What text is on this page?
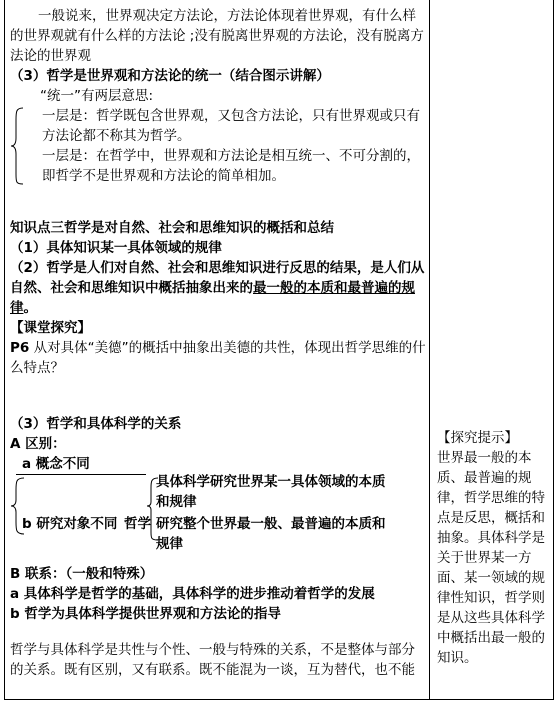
一般说来，世界观决定方法论，方法论体现着世界观，有什么样的世界观就有什么样的方法论 ;没有脱离世界观的方法论，没有脱离方法论的世界观

（3）哲学是世界观和方法论的统一（结合图示讲解）

“统一”有两层意思:

一层是：哲学既包含世界观，又包含方法论，只有世界观或只有方法论都不称其为哲学。

一层是：在哲学中，世界观和方法论是相互统一、不可分割的，即哲学不是世界观和方法论的简单相加。

知识点三哲学是对自然、社会和思维知识的概括和总结

（1）具体知识某一具体领域的规律

（2）哲学是人们对自然、社会和思维知识进行反思的结果，是人们从自然、社会和思维知识中概括抽象出来的最一般的本质和最普遍的规律。

【课堂探究】

P6 从对具体“美德”的概括中抽象出美德的共性，体现出哲学思维的什么特点？

（3）哲学和具体科学的关系

A 区别：

a 概念不同

具体科学研究世界某一具体领域的本质
和规律
b 研究对象不同 哲学 研究整个世界最一般、最普遍的本质和
规律

B 联系：（一般和特殊）

a 具体科学是哲学的基础，具体科学的进步推动着哲学的发展

b 哲学为具体科学提供世界观和方法论的指导

哲学与具体科学是共性与个性、一般与特殊的关系，不是整体与部分的关系。既有区别，又有联系。既不能混为一谈，互为替代，也不能

【探究提示】

世界最一般的本质、最普遍的规律，哲学思维的特点是反思，概括和抽象。具体科学是关于世界某一方面、某一领域的规律性知识，哲学则是从这些具体科学中概括出最一般的知识。
